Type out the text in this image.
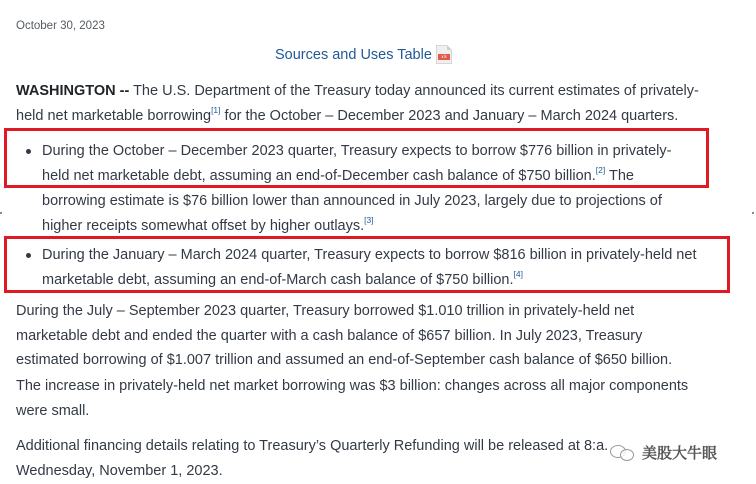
October 30, 2023
Sources and Uses Table	xls
WASHINGTON -- The U.S. Department of the Treasury today announced its current estimates of privately-
held net marketable borrowing[1] for the October – December 2023 and January – March 2024 quarters.
During the October – December 2023 quarter, Treasury expects to borrow $776 billion in privately-
held net marketable debt, assuming an end-of-December cash balance of $750 billion.[2] The
borrowing estimate is $76 billion lower than announced in July 2023, largely due to projections of
higher receipts somewhat offset by higher outlays.[3]
During the January – March 2024 quarter, Treasury expects to borrow $816 billion in privately-held net
marketable debt, assuming an end-of-March cash balance of $750 billion.[4]
During the July – September 2023 quarter, Treasury borrowed $1.010 trillion in privately-held net
marketable debt and ended the quarter with a cash balance of $657 billion. In July 2023, Treasury
estimated borrowing of $1.007 trillion and assumed an end-of-September cash balance of $650 billion.
The increase in privately-held net market borrowing was $3 billion: changes across all major components
were small.
Additional financing details relating to Treasury’s Quarterly Refunding will be released at 8:a.
Wednesday, November 1, 2023.
美股大牛眼
